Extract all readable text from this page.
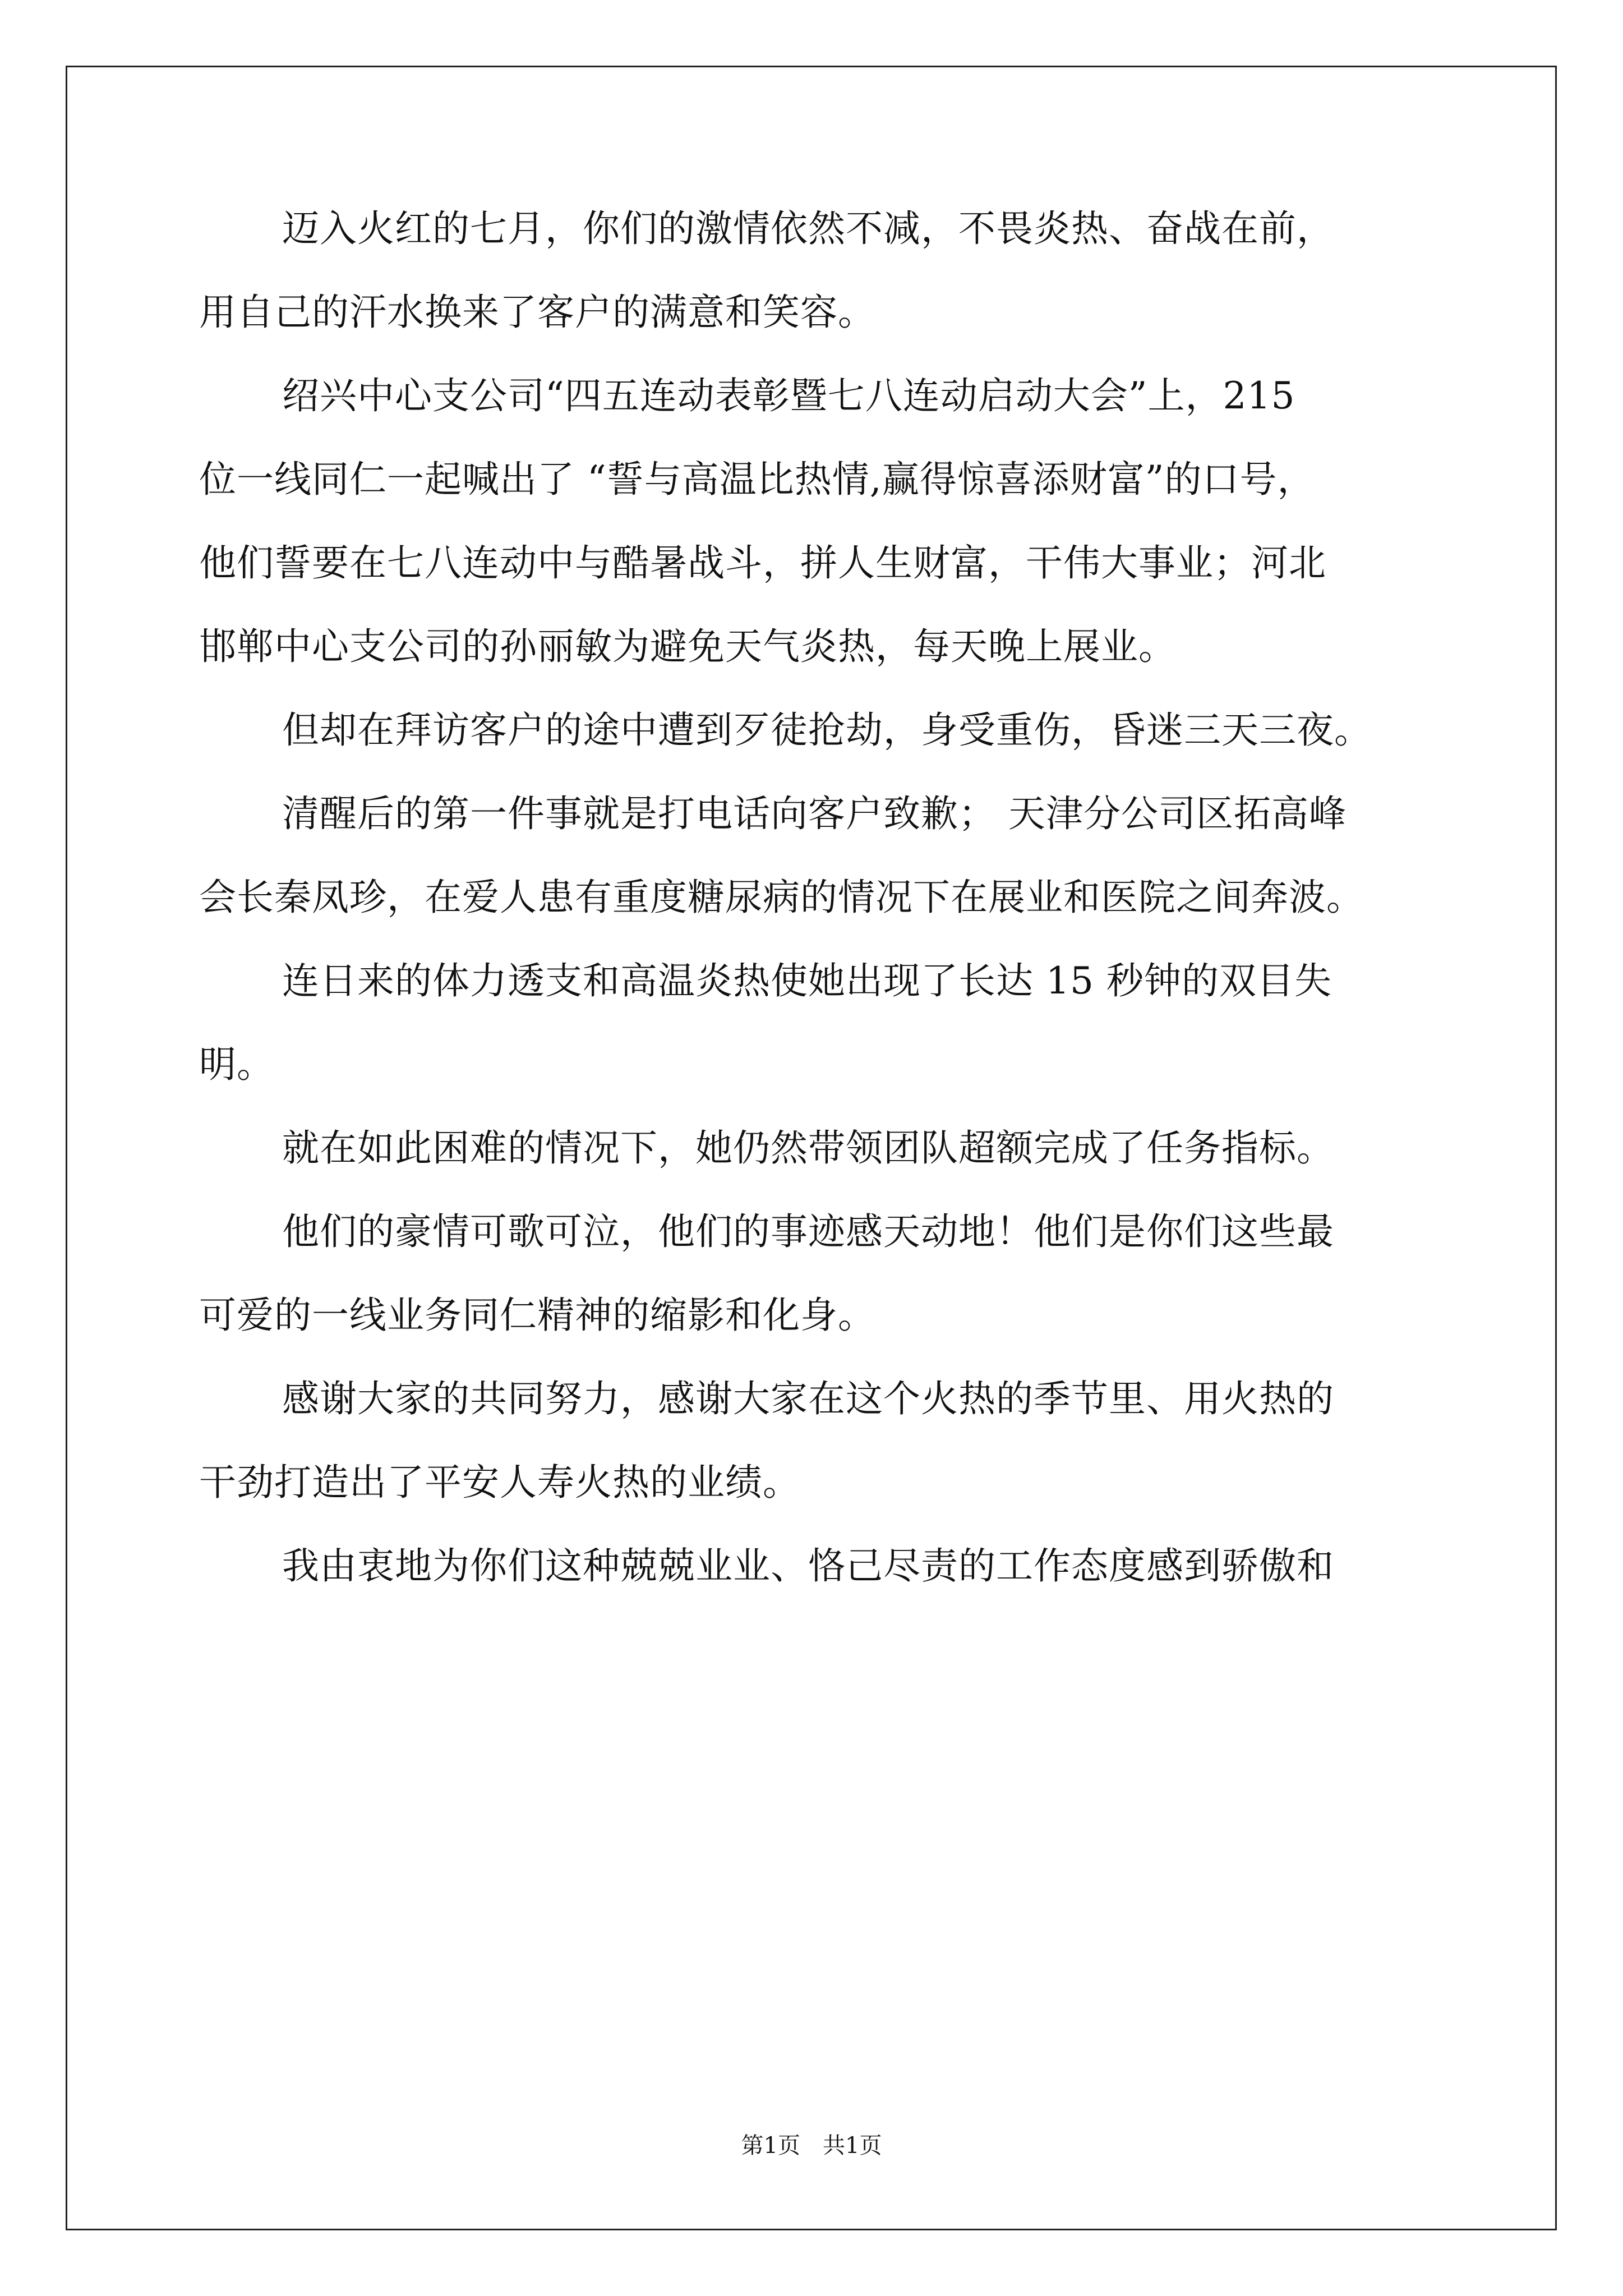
迈入火红的七月，你们的激情依然不减，不畏炎热、奋战在前，
用自己的汗水换来了客户的满意和笑容。
绍兴中心支公司“四五连动表彰暨七八连动启动大会”上，215
位一线同仁一起喊出了 “誓与高温比热情,赢得惊喜添财富”的口号，
他们誓要在七八连动中与酷暑战斗，拼人生财富，干伟大事业；河北
邯郸中心支公司的孙丽敏为避免天气炎热，每天晚上展业。
但却在拜访客户的途中遭到歹徒抢劫，身受重伤，昏迷三天三夜。
清醒后的第一件事就是打电话向客户致歉； 天津分公司区拓高峰
会长秦凤珍，在爱人患有重度糖尿病的情况下在展业和医院之间奔波。
连日来的体力透支和高温炎热使她出现了长达 15 秒钟的双目失
明。
就在如此困难的情况下，她仍然带领团队超额完成了任务指标。
他们的豪情可歌可泣，他们的事迹感天动地！他们是你们这些最
可爱的一线业务同仁精神的缩影和化身。
感谢大家的共同努力，感谢大家在这个火热的季节里、用火热的
干劲打造出了平安人寿火热的业绩。
我由衷地为你们这种兢兢业业、恪己尽责的工作态度感到骄傲和
第1页　共1页
